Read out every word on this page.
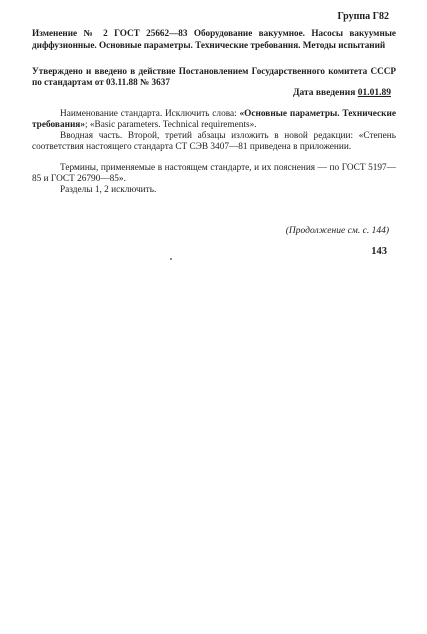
Группа Г82
Изменение № 2 ГОСТ 25662—83 Оборудование вакуумное. Насосы вакуумные диффузионные. Основные параметры. Технические требования. Методы испытаний
Утверждено и введено в действие Постановлением Государственного комитета СССР по стандартам от 03.11.88 № 3637
Дата введения 01.01.89
Наименование стандарта. Исключить слова: «Основные параметры. Технические требования»; «Basic parameters. Technical requirements».
Вводная часть. Второй, третий абзацы изложить в новой редакции: «Степень соответствия настоящего стандарта СТ СЭВ 3407—81 приведена в приложении.
Термины, применяемые в настоящем стандарте, и их пояснения — по ГОСТ 5197—85 и ГОСТ 26790—85».
Разделы 1, 2 исключить.
(Продолжение см. с. 144)
143
